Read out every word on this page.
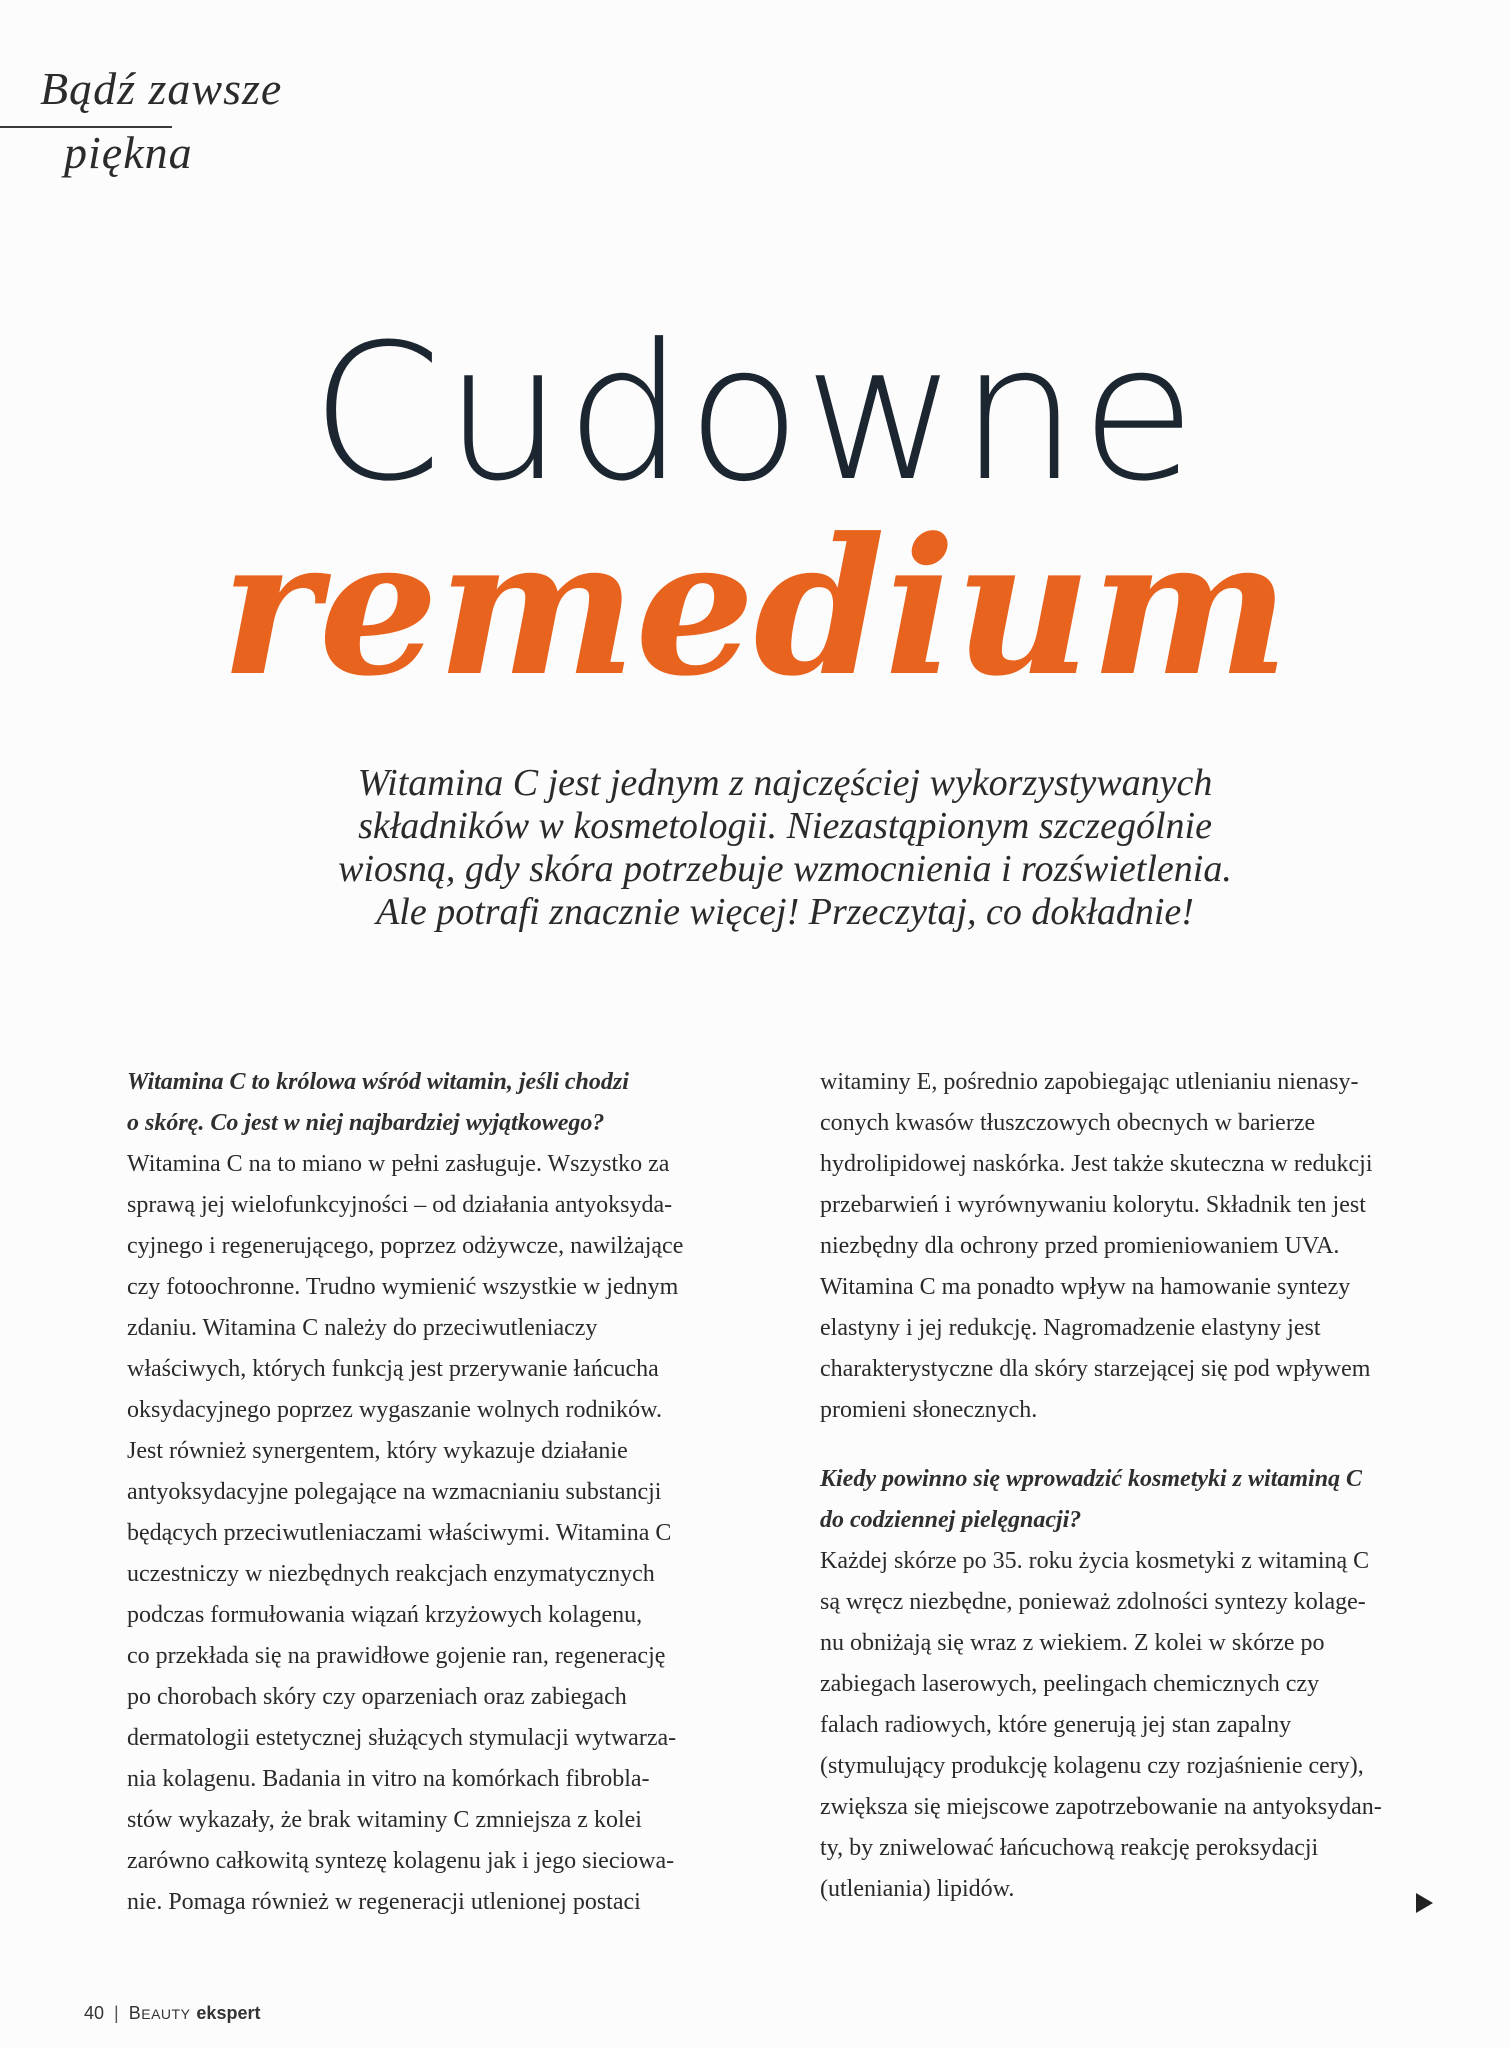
Bądź zawsze
piękna
Cudowne
remedium
Witamina C jest jednym z najczęściej wykorzystywanych
składników w kosmetologii. Niezastąpionym szczególnie
wiosną, gdy skóra potrzebuje wzmocnienia i rozświetlenia.
Ale potrafi znacznie więcej! Przeczytaj, co dokładnie!
Witamina C to królowa wśród witamin, jeśli chodzi
o skórę. Co jest w niej najbardziej wyjątkowego?
Witamina C na to miano w pełni zasługuje. Wszystko za
sprawą jej wielofunkcyjności – od działania antyoksyda-
cyjnego i regenerującego, poprzez odżywcze, nawilżające
czy fotoochronne. Trudno wymienić wszystkie w jednym
zdaniu. Witamina C należy do przeciwutleniaczy
właściwych, których funkcją jest przerywanie łańcucha
oksydacyjnego poprzez wygaszanie wolnych rodników.
Jest również synergentem, który wykazuje działanie
antyoksydacyjne polegające na wzmacnianiu substancji
będących przeciwutleniaczami właściwymi. Witamina C
uczestniczy w niezbędnych reakcjach enzymatycznych
podczas formułowania wiązań krzyżowych kolagenu,
co przekłada się na prawidłowe gojenie ran, regenerację
po chorobach skóry czy oparzeniach oraz zabiegach
dermatologii estetycznej służących stymulacji wytwarza-
nia kolagenu. Badania in vitro na komórkach fibrobla-
stów wykazały, że brak witaminy C zmniejsza z kolei
zarówno całkowitą syntezę kolagenu jak i jego sieciowa-
nie. Pomaga również w regeneracji utlenionej postaci
witaminy E, pośrednio zapobiegając utlenianiu nienasy-
conych kwasów tłuszczowych obecnych w barierze
hydrolipidowej naskórka. Jest także skuteczna w redukcji
przebarwień i wyrównywaniu kolorytu. Składnik ten jest
niezbędny dla ochrony przed promieniowaniem UVA.
Witamina C ma ponadto wpływ na hamowanie syntezy
elastyny i jej redukcję. Nagromadzenie elastyny jest
charakterystyczne dla skóry starzejącej się pod wpływem
promieni słonecznych.
Kiedy powinno się wprowadzić kosmetyki z witaminą C
do codziennej pielęgnacji?
Każdej skórze po 35. roku życia kosmetyki z witaminą C
są wręcz niezbędne, ponieważ zdolności syntezy kolage-
nu obniżają się wraz z wiekiem. Z kolei w skórze po
zabiegach laserowych, peelingach chemicznych czy
falach radiowych, które generują jej stan zapalny
(stymulujący produkcję kolagenu czy rozjaśnienie cery),
zwiększa się miejscowe zapotrzebowanie na antyoksydan-
ty, by zniwelować łańcuchową reakcję peroksydacji
(utleniania) lipidów.
40 | BEAUTY ekspert
